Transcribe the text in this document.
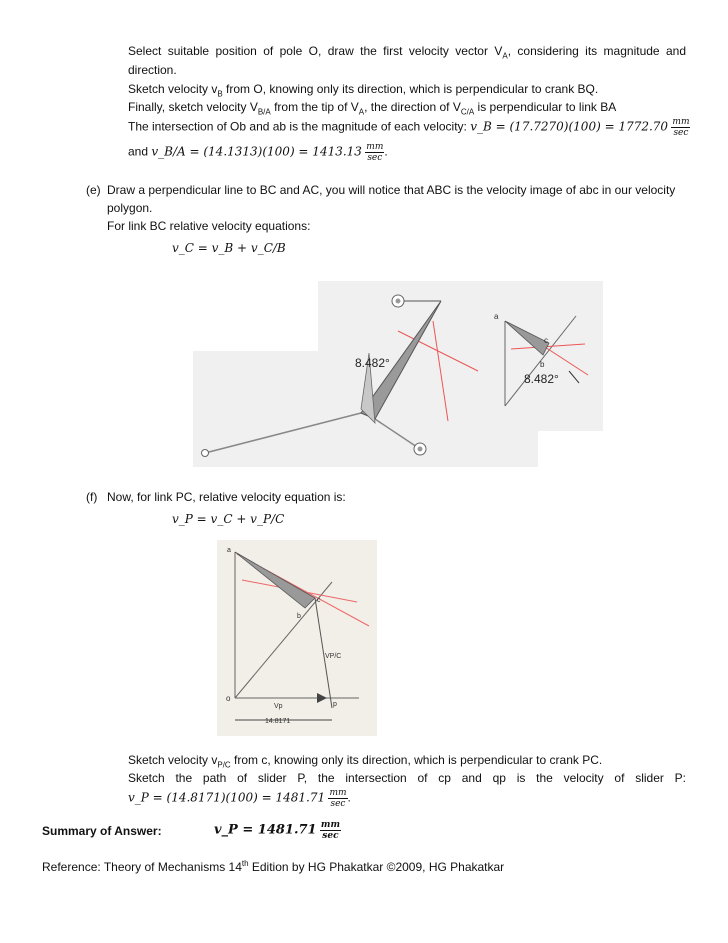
Select suitable position of pole O, draw the first velocity vector $V_A$, considering its magnitude and
direction.
Sketch velocity $v_B$ from O, knowing only its direction, which is perpendicular to crank BQ.
Finally, sketch velocity $V_{B/A}$ from the tip of $V_A$, the direction of $V_{C/A}$ is perpendicular to link BA
The intersection of Ob and ab is the magnitude of each velocity: v_B = $(17.7270)(100) = 1772.70 \frac{mm}{\sec}$
and v_B/A = $(14.1313)(100) = 1413.13 \frac{mm}{\sec}$ .
(e) Draw a perpendicular line to BC and AC, you will notice that ABC is the velocity image of abc in our velocity
polygon.
For link BC relative velocity equations:
v_C = v_B + v_C/B
8.482°
a
c
b
8.482°
(f) Now, for link PC, relative velocity equation is:
v_P = v_C + v_P/C
a
b
c
o
p
Vp
VP/C
14.8171
Sketch velocity $v_{P/C}$ from c, knowing only its direction, which is perpendicular to crank PC.
Sketch the path of slider P, the intersection of cp and qp is the velocity of slider P:
v_P = $(14.8171)(100) = 1481.71 \frac{mm}{\sec}$ .
Summary of Answer:	v_P = $1481.71 \frac{mm}{\sec}$
Reference: Theory of Mechanisms 14th Edition by HG Phakatkar ©2009, HG Phakatkar
